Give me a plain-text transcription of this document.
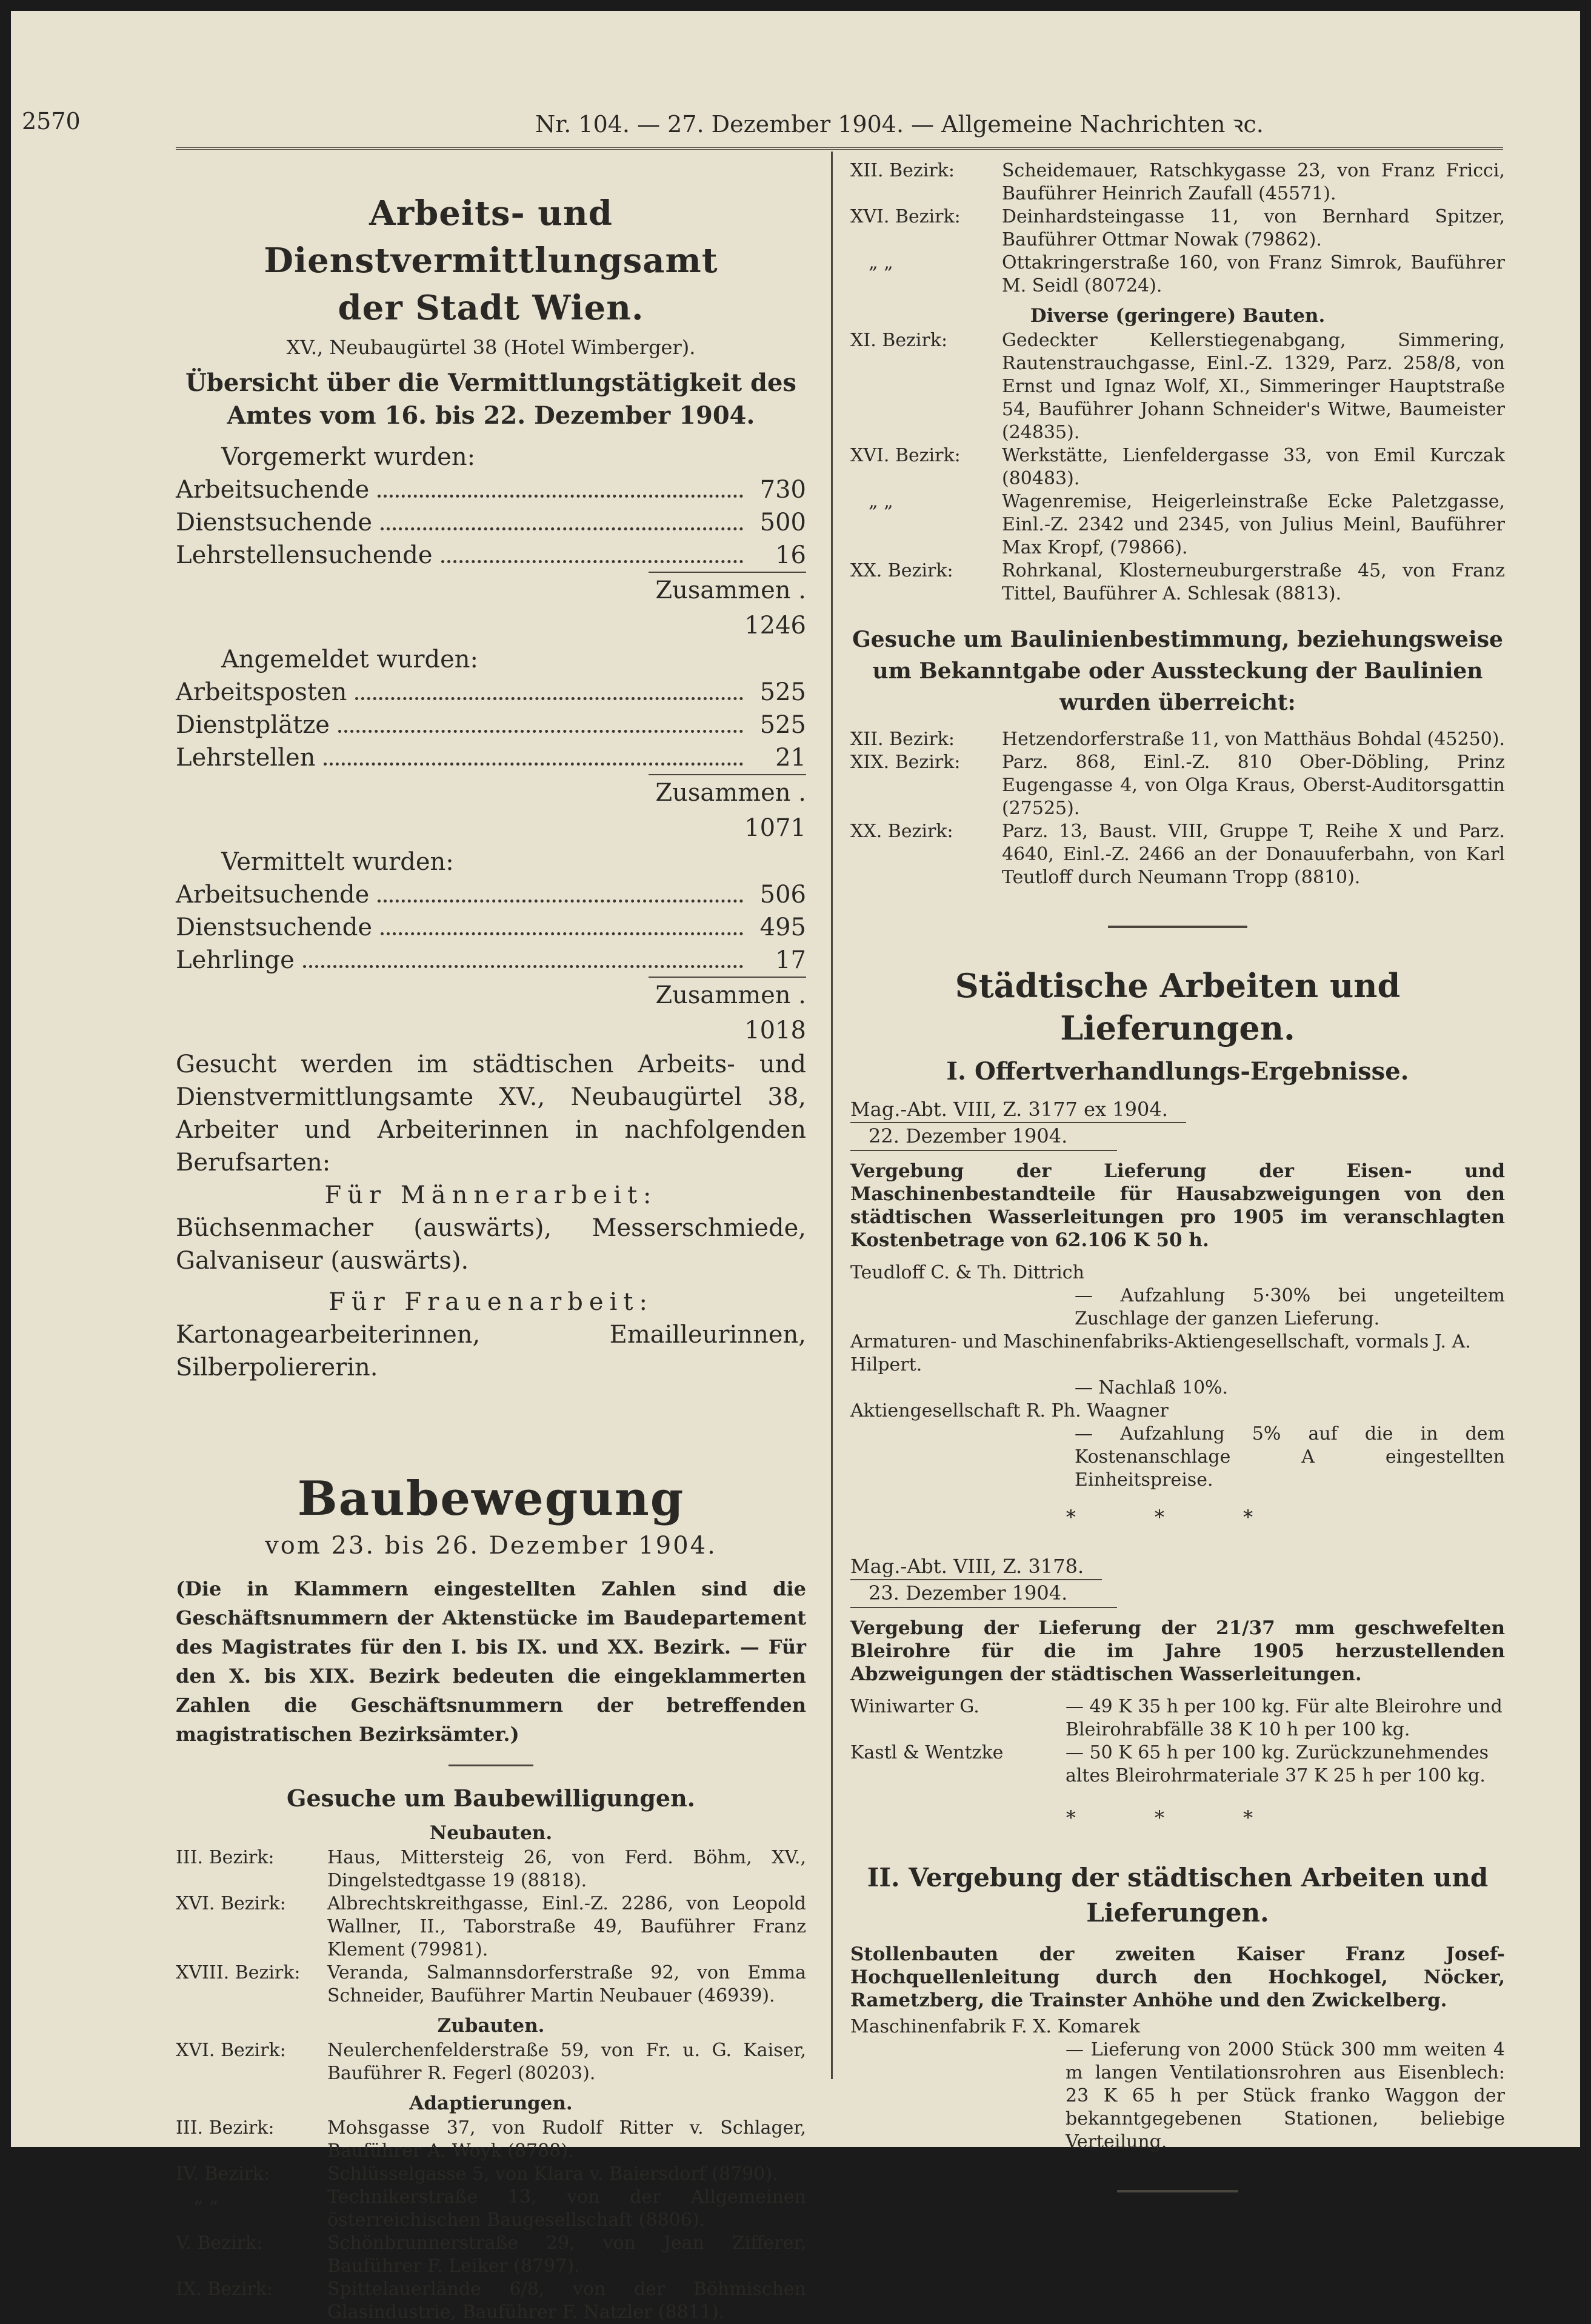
2570	Nr. 104. — 27. Dezember 1904. — Allgemeine Nachrichten ꝛc.
Arbeits- und Dienstvermittlungsamt
der Stadt Wien.
XV., Neubaugürtel 38 (Hotel Wimberger).
Übersicht über die Vermittlungstätigkeit des Amtes vom 16. bis 22. Dezember 1904.
Vorgemerkt wurden:
Arbeitsuchende	730
Dienstsuchende	500
Lehrstellensuchende	16
Zusammen . 1246
Angemeldet wurden:
Arbeitsposten	525
Dienstplätze	525
Lehrstellen	21
Zusammen . 1071
Vermittelt wurden:
Arbeitsuchende	506
Dienstsuchende	495
Lehrlinge	17
Zusammen . 1018
Gesucht werden im städtischen Arbeits- und Dienstvermittlungsamte XV., Neubaugürtel 38, Arbeiter und Arbeiterinnen in nachfolgenden Berufsarten:
Für Männerarbeit:
Büchsenmacher (auswärts), Messerschmiede, Galvaniseur (auswärts).
Für Frauenarbeit:
Kartonagearbeiterinnen, Emailleurinnen, Silberpoliererin.
Baubewegung
vom 23. bis 26. Dezember 1904.
(Die in Klammern eingestellten Zahlen sind die Geschäftsnummern der Aktenstücke im Baudepartement des Magistrates für den I. bis IX. und XX. Bezirk. — Für den X. bis XIX. Bezirk bedeuten die eingeklammerten Zahlen die Geschäftsnummern der betreffenden magistratischen Bezirksämter.)
Gesuche um Baubewilligungen.
Neubauten.
III. Bezirk:	Haus, Mittersteig 26, von Ferd. Böhm, XV., Dingelstedtgasse 19 (8818).
XVI. Bezirk:	Albrechtskreithgasse, Einl.-Z. 2286, von Leopold Wallner, II., Taborstraße 49, Bauführer Franz Klement (79981).
XVIII. Bezirk:	Veranda, Salmannsdorferstraße 92, von Emma Schneider, Bauführer Martin Neubauer (46939).
Zubauten.
XVI. Bezirk:	Neulerchenfelderstraße 59, von Fr. u. G. Kaiser, Bauführer R. Fegerl (80203).
Adaptierungen.
III. Bezirk:	Mohsgasse 37, von Rudolf Ritter v. Schlager, Bauführer A. Woyk (8788).
IV. Bezirk:	Schlüsselgasse 5, von Klara v. Baiersdorf (8790).
„ „	Technikerstraße 13, von der Allgemeinen österreichischen Baugesellschaft (8806).
V. Bezirk:	Schönbrunnerstraße 29, von Jean Zifferer, Bauführer F. Leiker (8797).
IX. Bezirk:	Spittelauerlände 6/8, von der Böhmischen Glasindustrie, Bauführer F. Natzler (8811).
XII. Bezirk:	Scheidemauer, Ratschkygasse 23, von Franz Fricci, Bauführer Heinrich Zaufall (45571).
XVI. Bezirk:	Deinhardsteingasse 11, von Bernhard Spitzer, Bauführer Ottmar Nowak (79862).
„ „	Ottakringerstraße 160, von Franz Simrok, Bauführer M. Seidl (80724).
Diverse (geringere) Bauten.
XI. Bezirk:	Gedeckter Kellerstiegenabgang, Simmering, Rautenstrauchgasse, Einl.-Z. 1329, Parz. 258/8, von Ernst und Ignaz Wolf, XI., Simmeringer Hauptstraße 54, Bauführer Johann Schneider's Witwe, Baumeister (24835).
XVI. Bezirk:	Werkstätte, Lienfeldergasse 33, von Emil Kurczak (80483).
„ „	Wagenremise, Heigerleinstraße Ecke Paletzgasse, Einl.-Z. 2342 und 2345, von Julius Meinl, Bauführer Max Kropf, (79866).
XX. Bezirk:	Rohrkanal, Klosterneuburgerstraße 45, von Franz Tittel, Bauführer A. Schlesak (8813).
Gesuche um Baulinienbestimmung, beziehungsweise um Bekanntgabe oder Aussteckung der Baulinien wurden überreicht:
XII. Bezirk:	Hetzendorferstraße 11, von Matthäus Bohdal (45250).
XIX. Bezirk:	Parz. 868, Einl.-Z. 810 Ober-Döbling, Prinz Eugengasse 4, von Olga Kraus, Oberst-Auditorsgattin (27525).
XX. Bezirk:	Parz. 13, Baust. VIII, Gruppe T, Reihe X und Parz. 4640, Einl.-Z. 2466 an der Donauuferbahn, von Karl Teutloff durch Neumann Tropp (8810).
Städtische Arbeiten und Lieferungen.
I. Offertverhandlungs-Ergebnisse.
Mag.-Abt. VIII, Z. 3177 ex 1904.
22. Dezember 1904.
Vergebung der Lieferung der Eisen- und Maschinenbestandteile für Hausabzweigungen von den städtischen Wasserleitungen pro 1905 im veranschlagten Kostenbetrage von 62.106 K 50 h.
Teudloff C. & Th. Dittrich
— Aufzahlung 5·30% bei ungeteiltem Zuschlage der ganzen Lieferung.
Armaturen- und Maschinenfabriks-Aktiengesellschaft, vormals J. A. Hilpert.
— Nachlaß 10%.
Aktiengesellschaft R. Ph. Waagner
— Aufzahlung 5% auf die in dem Kostenanschlage A eingestellten Einheitspreise.
* * *
Mag.-Abt. VIII, Z. 3178.
23. Dezember 1904.
Vergebung der Lieferung der 21/37 mm geschwefelten Bleirohre für die im Jahre 1905 herzustellenden Abzweigungen der städtischen Wasserleitungen.
Winiwarter G.	— 49 K 35 h per 100 kg. Für alte Bleirohre und Bleirohrabfälle 38 K 10 h per 100 kg.
Kastl & Wentzke	— 50 K 65 h per 100 kg. Zurückzunehmendes altes Bleirohrmateriale 37 K 25 h per 100 kg.
* * *
II. Vergebung der städtischen Arbeiten und Lieferungen.
Stollenbauten der zweiten Kaiser Franz Josef-Hochquellenleitung durch den Hochkogel, Nöcker, Rametzberg, die Trainster Anhöhe und den Zwickelberg.
Maschinenfabrik F. X. Komarek
— Lieferung von 2000 Stück 300 mm weiten 4 m langen Ventilationsrohren aus Eisenblech: 23 K 65 h per Stück franko Waggon der bekanntgegebenen Stationen, beliebige Verteilung.
